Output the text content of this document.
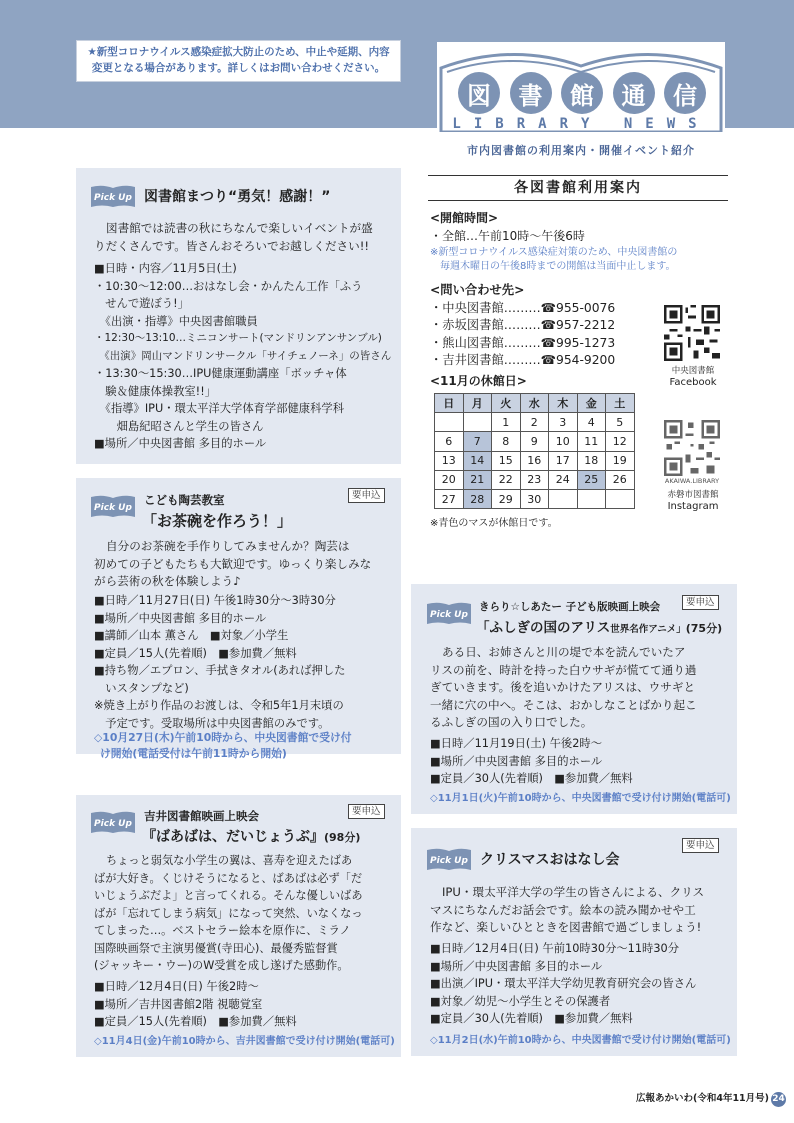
★新型コロナウイルス感染症拡大防止のため、中止や延期、内容
変更となる場合があります。詳しくはお問い合わせください。
図	書	館	通	信
LIBRARY NEWS
市内図書館の利用案内・開催イベント紹介
Pick Up 図書館まつり“勇気！感謝！”
図書館では読書の秋にちなんで楽しいイベントが盛
りだくさんです。皆さんおそろいでお越しください!!
■日時・内容／11月5日(土)
・10:30～12:00…おはなし会・かんたん工作「ふう
　せんで遊ぼう!」
　《出演・指導》中央図書館職員
・12:30～13:10…ミニコンサート(マンドリンアンサンブル)
　《出演》岡山マンドリンサークル「サイチェノーネ」の皆さん
・13:30～15:30…IPU健康運動講座「ボッチャ体
　験＆健康体操教室!!」
　《指導》IPU・環太平洋大学体育学部健康科学科
　　畑島紀昭さんと学生の皆さん
■場所／中央図書館 多目的ホール
Pick Up
こども陶芸教室	要申込
「お茶碗を作ろう！」
自分のお茶碗を手作りしてみませんか？陶芸は
初めての子どもたちも大歓迎です。ゆっくり楽しみな
がら芸術の秋を体験しよう♪
■日時／11月27日(日) 午後1時30分～3時30分
■場所／中央図書館 多目的ホール
■講師／山本 薫さん　■対象／小学生
■定員／15人(先着順)　■参加費／無料
■持ち物／エプロン、手拭きタオル(あれば押した
　いスタンプなど)
※焼き上がり作品のお渡しは、令和5年1月末頃の
　予定です。受取場所は中央図書館のみです。
◇10月27日(木)午前10時から、中央図書館で受け付
け開始(電話受付は午前11時から開始)
Pick Up
吉井図書館映画上映会	要申込
『ばあばは、だいじょうぶ』(98分)
ちょっと弱気な小学生の翼は、喜寿を迎えたばあ
ばが大好き。くじけそうになると、ばあばは必ず「だ
いじょうぶだよ」と言ってくれる。そんな優しいばあ
ばが「忘れてしまう病気」になって突然、いなくなっ
てしまった…。ベストセラー絵本を原作に、ミラノ
国際映画祭で主演男優賞(寺田心)、最優秀監督賞
(ジャッキー・ウー)のW受賞を成し遂げた感動作。
■日時／12月4日(日) 午後2時～
■場所／吉井図書館2階 視聴覚室
■定員／15人(先着順)　■参加費／無料
◇11月4日(金)午前10時から、吉井図書館で受け付け開始(電話可)
各図書館利用案内
<開館時間>
・全館…午前10時～午後6時
※新型コロナウイルス感染症対策のため、中央図書館の
　毎週木曜日の午後8時までの開館は当面中止します。
<問い合わせ先>
・中央図書館………☎955-0076
・赤坂図書館………☎957-2212
・熊山図書館………☎995-1273
・吉井図書館………☎954-9200
<11月の休館日>
日	月	火	水	木	金	土
		1	2	3	4	5
6	7	8	9	10	11	12
13	14	15	16	17	18	19
20	21	22	23	24	25	26
27	28	29	30			
※青色のマスが休館日です。
中央図書館
Facebook
AKAIWA.LIBRARY
赤磐市図書館
Instagram
Pick Up
きらり☆しあたー 子ども版映画上映会	要申込
「ふしぎの国のアリス世界名作アニメ」(75分)
ある日、お姉さんと川の堤で本を読んでいたア
リスの前を、時計を持った白ウサギが慌てて通り過
ぎていきます。後を追いかけたアリスは、ウサギと
一緒に穴の中へ。そこは、おかしなことばかり起こ
るふしぎの国の入り口でした。
■日時／11月19日(土) 午後2時～
■場所／中央図書館 多目的ホール
■定員／30人(先着順)　■参加費／無料
◇11月1日(火)午前10時から、中央図書館で受け付け開始(電話可)
Pick Up クリスマスおはなし会
要申込
IPU・環太平洋大学の学生の皆さんによる、クリス
マスにちなんだお話会です。絵本の読み聞かせや工
作など、楽しいひとときを図書館で過ごしましょう!
■日時／12月4日(日) 午前10時30分～11時30分
■場所／中央図書館 多目的ホール
■出演／IPU・環太平洋大学幼児教育研究会の皆さん
■対象／幼児～小学生とその保護者
■定員／30人(先着順)　■参加費／無料
◇11月2日(水)午前10時から、中央図書館で受け付け開始(電話可)
広報あかいわ(令和4年11月号) 24
